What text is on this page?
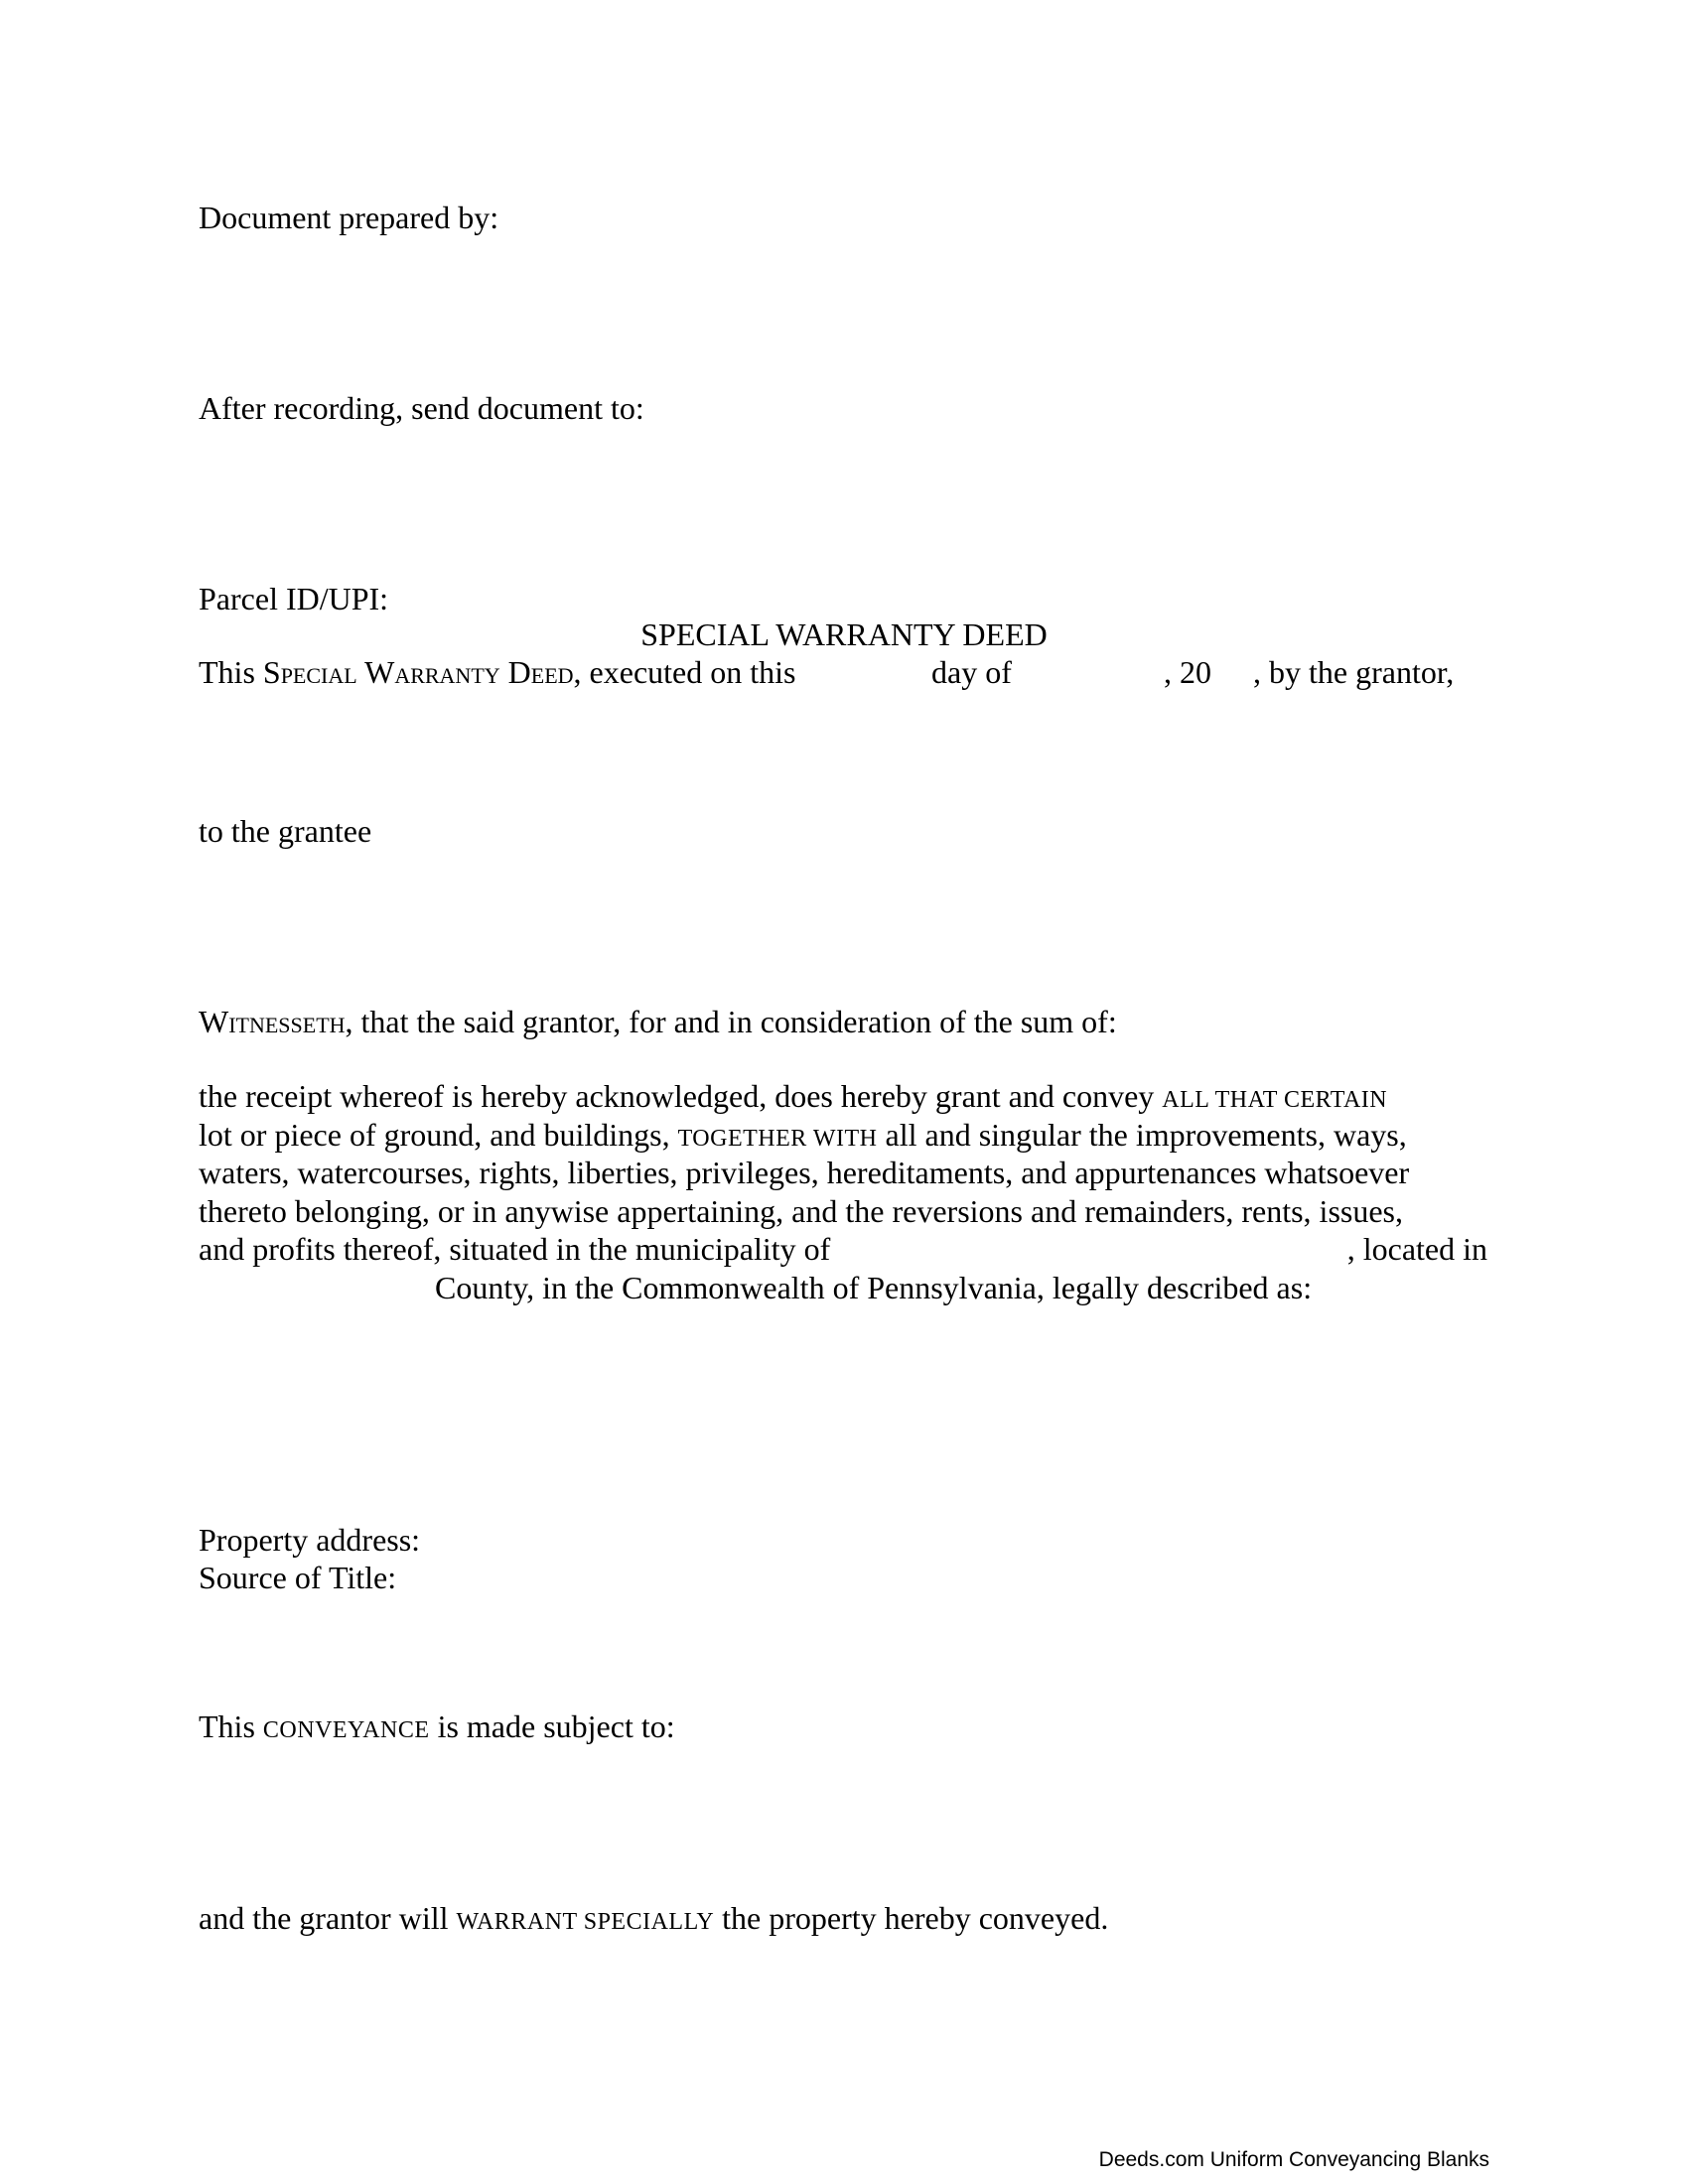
Document prepared by:
After recording, send document to:
Parcel ID/UPI:
SPECIAL WARRANTY DEED
This Special Warranty Deed, executed on this	day of	, 20 , by the grantor,
to the grantee
Witnesseth, that the said grantor, for and in consideration of the sum of:
the receipt whereof is hereby acknowledged, does hereby grant and convey ALL THAT CERTAIN
lot or piece of ground, and buildings, TOGETHER WITH all and singular the improvements, ways,
waters, watercourses, rights, liberties, privileges, hereditaments, and appurtenances whatsoever
thereto belonging, or in anywise appertaining, and the reversions and remainders, rents, issues,
and profits thereof, situated in the municipality of	, located in
County, in the Commonwealth of Pennsylvania, legally described as:
Property address:
Source of Title:
This CONVEYANCE is made subject to:
and the grantor will WARRANT SPECIALLY the property hereby conveyed.
Deeds.com Uniform Conveyancing Blanks
